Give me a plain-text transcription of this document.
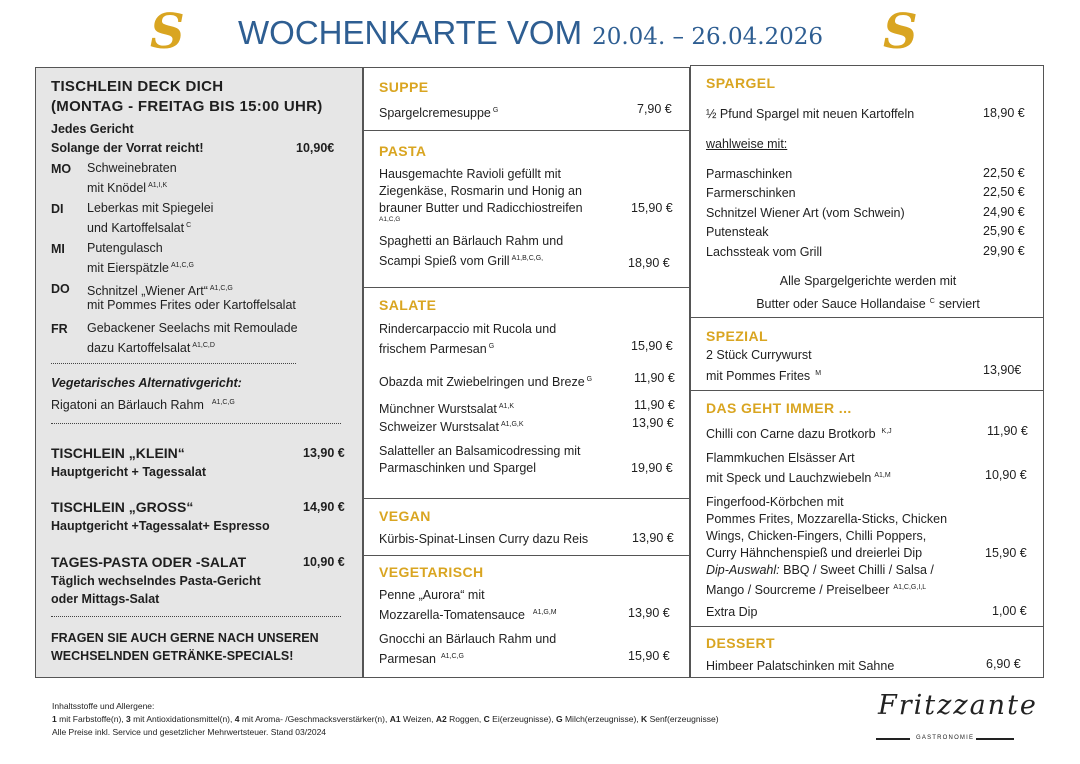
S WOCHENKARTE VOM 20.04. – 26.04.2026 S
TISCHLEIN DECK DICH
(MONTAG - FREITAG BIS 15:00 UHR)
Jedes Gericht
Solange der Vorrat reicht!	10,90€
MO Schweinebraten
mit Knödel $^{A1,I,K}$
DI Leberkas mit Spiegelei
und Kartoffelsalat $^C$
MI Putengulasch
mit Eierspätzle $^{A1,C,G}$
DO Schnitzel „Wiener Art“ $^{A1,C,G}$
mit Pommes Frites oder Kartoffelsalat
FR Gebackener Seelachs mit Remoulade
dazu Kartoffelsalat $^{A1,C,D}$
Vegetarisches Alternativgericht:
Rigatoni an Bärlauch Rahm $^{A1,C,G}$
TISCHLEIN „KLEIN“	13,90 €
Hauptgericht + Tagessalat
TISCHLEIN „GROSS“	14,90 €
Hauptgericht +Tagessalat+ Espresso
TAGES-PASTA ODER -SALAT	10,90 €
Täglich wechselndes Pasta-Gericht
oder Mittags-Salat
FRAGEN SIE AUCH GERNE NACH UNSEREN
WECHSELNDEN GETRÄNKE-SPECIALS!
SUPPE
Spargelcremesuppe $^G$	7,90 €
PASTA
Hausgemachte Ravioli gefüllt mit
Ziegenkäse, Rosmarin und Honig an
brauner Butter und Radicchiostreifen
A1,C,G
15,90 €
Spaghetti an Bärlauch Rahm und
Scampi Spieß vom Grill $^{A1,B,C,G,}$	18,90 €
SALATE
Rindercarpaccio mit Rucola und
frischem Parmesan $^G$	15,90 €
Obazda mit Zwiebelringen und Breze $^G$	11,90 €
Münchner Wurstsalat $^{A1,K}$	11,90 €
Schweizer Wurstsalat $^{A1,G,K}$	13,90 €
Salatteller an Balsamicodressing mit
Parmaschinken und Spargel	19,90 €
VEGAN
Kürbis-Spinat-Linsen Curry dazu Reis	13,90 €
VEGETARISCH
Penne „Aurora“ mit
Mozzarella-Tomatensauce $^{A1,G,M}$	13,90 €
Gnocchi an Bärlauch Rahm und
Parmesan $^{A1,C,G}$	15,90 €
SPARGEL
½ Pfund Spargel mit neuen Kartoffeln	18,90 €
wahlweise mit:
Parmaschinken	22,50 €
Farmerschinken	22,50 €
Schnitzel Wiener Art (vom Schwein)	24,90 €
Putensteak	25,90 €
Lachssteak vom Grill	29,90 €
Alle Spargelgerichte werden mit
Butter oder Sauce Hollandaise $^C$ serviert
SPEZIAL
2 Stück Currywurst
mit Pommes Frites $^M$	13,90€
DAS GEHT IMMER ...
Chilli con Carne dazu Brotkorb $^{K,J}$	11,90 €
Flammkuchen Elsässer Art
mit Speck und Lauchzwiebeln $^{A1,M}$	10,90 €
Fingerfood-Körbchen mit
Pommes Frites, Mozzarella-Sticks, Chicken
Wings, Chicken-Fingers, Chilli Poppers,
Curry Hähnchenspieß und dreierlei Dip	15,90 €
Dip-Auswahl: BBQ / Sweet Chilli / Salsa /
Mango / Sourcreme / Preiselbeer $^{A1,C,G,I,L}$
Extra Dip	1,00 €
DESSERT
Himbeer Palatschinken mit Sahne	6,90 €
Inhaltsstoffe und Allergene:
1 mit Farbstoffe(n), 3 mit Antioxidationsmittel(n), 4 mit Aroma- /Geschmacksverstärker(n), A1 Weizen, A2 Roggen, C Ei(erzeugnisse), G Milch(erzeugnisse), K Senf(erzeugnisse)
Alle Preise inkl. Service und gesetzlicher Mehrwertsteuer. Stand 03/2024
Fritzzante
GASTRONOMIE
